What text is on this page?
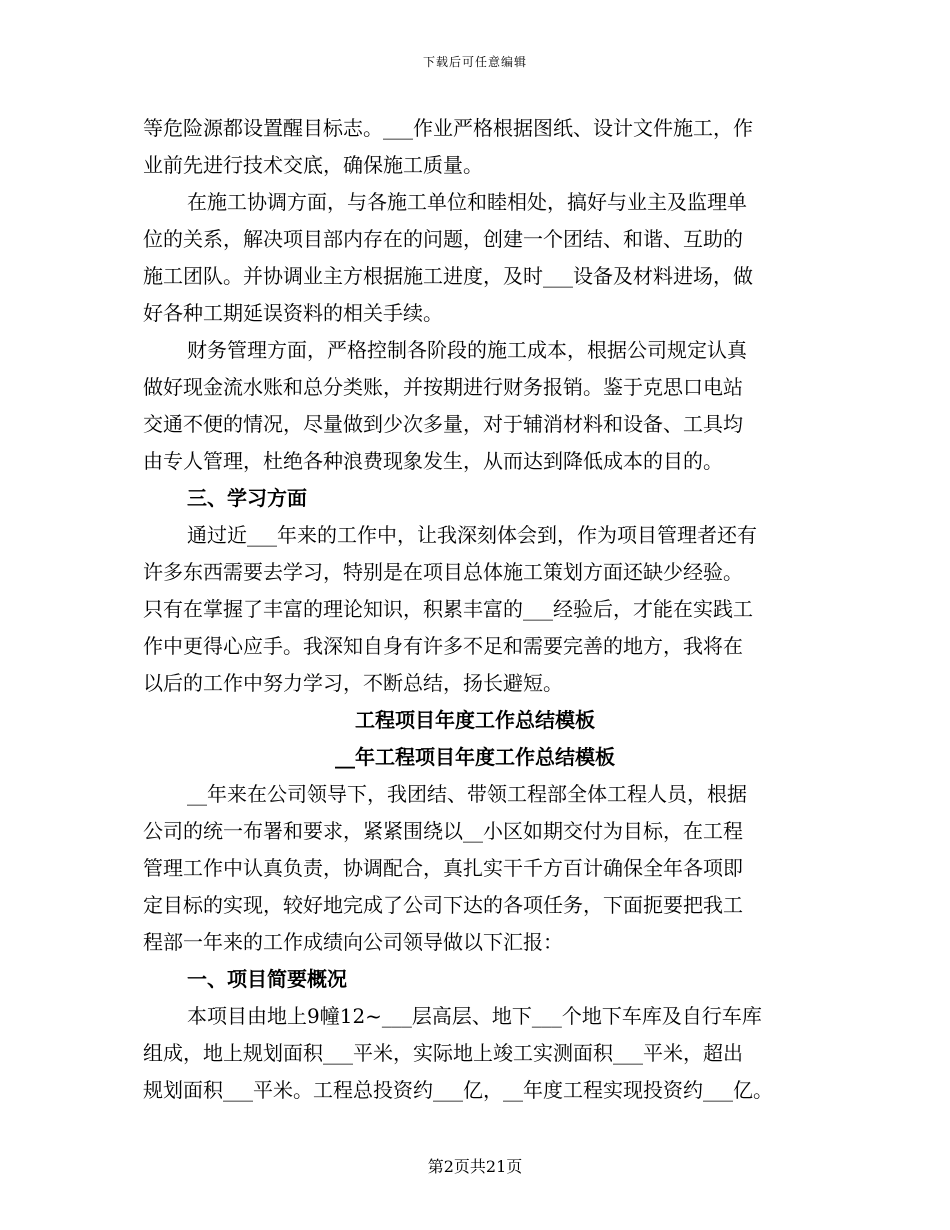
下载后可任意编辑
等危险源都设置醒目标志。___作业严格根据图纸、设计文件施工，作
业前先进行技术交底，确保施工质量。
在施工协调方面，与各施工单位和睦相处，搞好与业主及监理单
位的关系，解决项目部内存在的问题，创建一个团结、和谐、互助的
施工团队。并协调业主方根据施工进度，及时___设备及材料进场，做
好各种工期延误资料的相关手续。
财务管理方面，严格控制各阶段的施工成本，根据公司规定认真
做好现金流水账和总分类账，并按期进行财务报销。鉴于克思口电站
交通不便的情况，尽量做到少次多量，对于辅消材料和设备、工具均
由专人管理，杜绝各种浪费现象发生，从而达到降低成本的目的。
三、学习方面
通过近___年来的工作中，让我深刻体会到，作为项目管理者还有
许多东西需要去学习，特别是在项目总体施工策划方面还缺少经验。
只有在掌握了丰富的理论知识，积累丰富的___经验后，才能在实践工
作中更得心应手。我深知自身有许多不足和需要完善的地方，我将在
以后的工作中努力学习，不断总结，扬长避短。
工程项目年度工作总结模板
__年工程项目年度工作总结模板
__年来在公司领导下，我团结、带领工程部全体工程人员，根据
公司的统一布署和要求，紧紧围绕以__小区如期交付为目标，在工程
管理工作中认真负责，协调配合，真扎实干千方百计确保全年各项即
定目标的实现，较好地完成了公司下达的各项任务，下面扼要把我工
程部一年来的工作成绩向公司领导做以下汇报：
一、项目简要概况
本项目由地上9幢12~___层高层、地下___个地下车库及自行车库
组成，地上规划面积___平米，实际地上竣工实测面积___平米，超出
规划面积___平米。工程总投资约___亿，__年度工程实现投资约___亿。
第2页共21页
